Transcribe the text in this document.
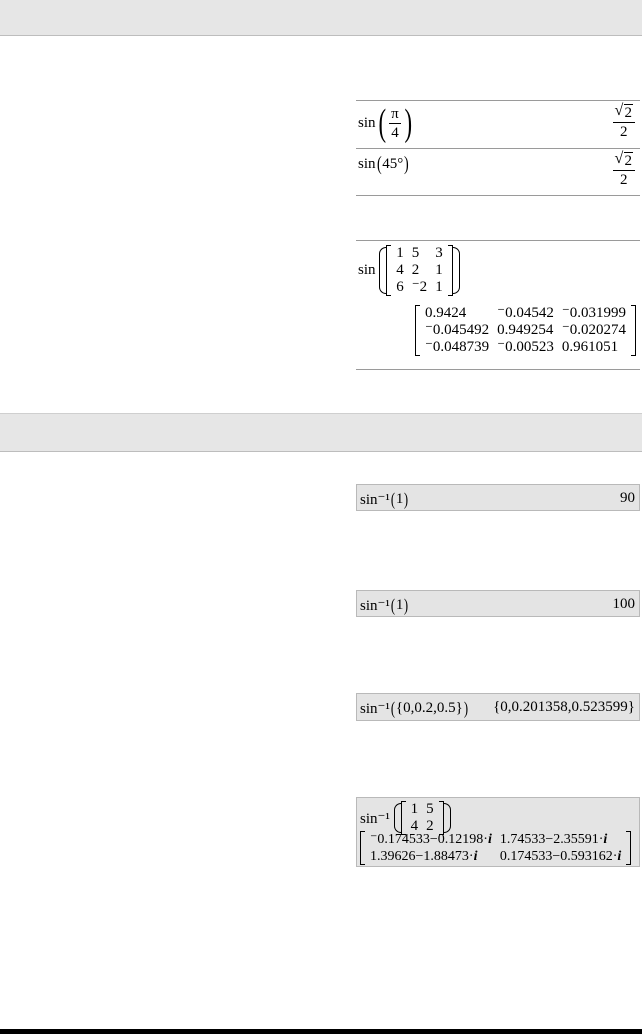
$\sin( \frac{\pi}{4}$ )	$\frac{√ 2}{2}$
sin(45°)	$\frac{√ 2}{2}$
sin
1	5	3
4	2	1
6	⁻2	1
0.9424	⁻0.04542	⁻0.031999
⁻0.045492	0.949254	⁻0.020274
⁻0.048739	⁻0.00523	0.961051
sin⁻¹(1)	90
sin⁻¹(1)	100
sin⁻¹({0,0.2,0.5}) {0,0.201358,0.523599}
sin⁻¹
1	5
4	2
⁻0.174533−0.12198·i	1.74533−2.35591·i
1.39626−1.88473·i	0.174533−0.593162·i
